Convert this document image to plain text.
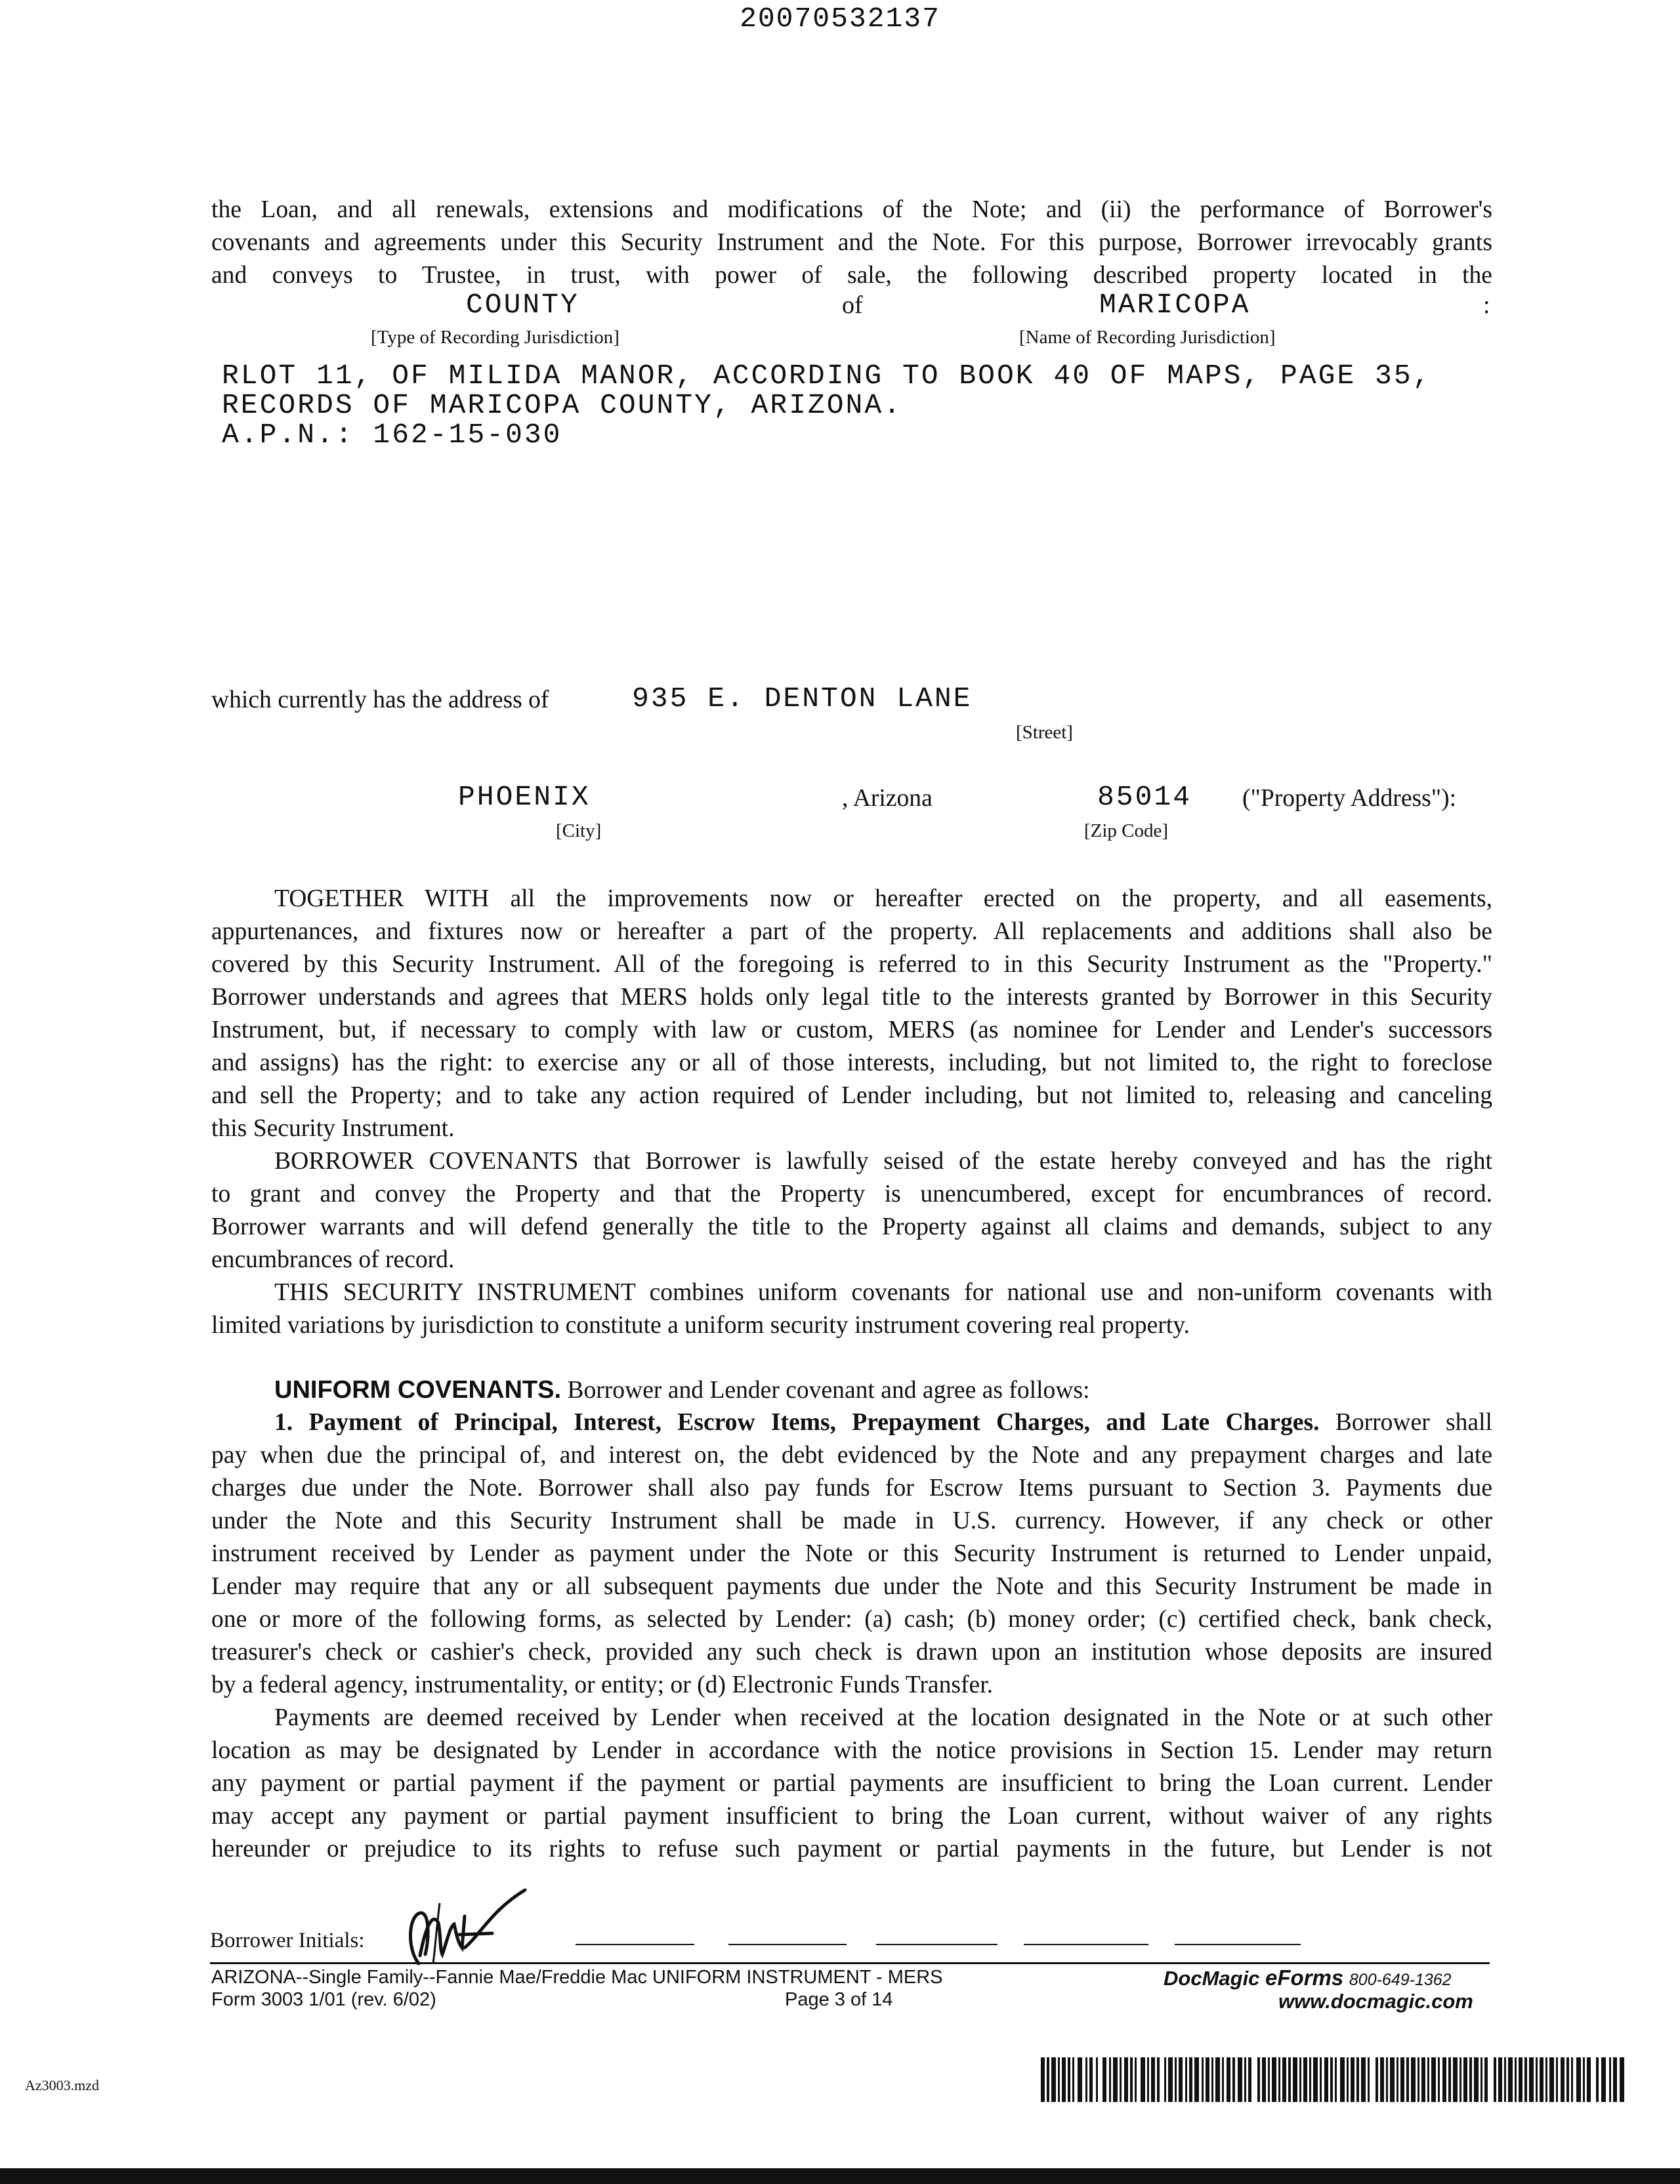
20070532137
the Loan, and all renewals, extensions and modifications of the Note; and (ii) the performance of Borrower's
covenants and agreements under this Security Instrument and the Note. For this purpose, Borrower irrevocably grants
and conveys to Trustee, in trust, with power of sale, the following described property located in the
COUNTY	of	MARICOPA	:
[Type of Recording Jurisdiction]	[Name of Recording Jurisdiction]
RLOT 11, OF MILIDA MANOR, ACCORDING TO BOOK 40 OF MAPS, PAGE 35,
RECORDS OF MARICOPA COUNTY, ARIZONA.
A.P.N.: 162-15-030
which currently has the address of	935 E. DENTON LANE
[Street]
PHOENIX
[City]
, Arizona	85014
[Zip Code]
("Property Address"):
TOGETHER WITH all the improvements now or hereafter erected on the property, and all easements,
appurtenances, and fixtures now or hereafter a part of the property. All replacements and additions shall also be
covered by this Security Instrument. All of the foregoing is referred to in this Security Instrument as the "Property."
Borrower understands and agrees that MERS holds only legal title to the interests granted by Borrower in this Security
Instrument, but, if necessary to comply with law or custom, MERS (as nominee for Lender and Lender's successors
and assigns) has the right: to exercise any or all of those interests, including, but not limited to, the right to foreclose
and sell the Property; and to take any action required of Lender including, but not limited to, releasing and canceling
this Security Instrument.
BORROWER COVENANTS that Borrower is lawfully seised of the estate hereby conveyed and has the right
to grant and convey the Property and that the Property is unencumbered, except for encumbrances of record.
Borrower warrants and will defend generally the title to the Property against all claims and demands, subject to any
encumbrances of record.
THIS SECURITY INSTRUMENT combines uniform covenants for national use and non-uniform covenants with
limited variations by jurisdiction to constitute a uniform security instrument covering real property.
UNIFORM COVENANTS. Borrower and Lender covenant and agree as follows:
1. Payment of Principal, Interest, Escrow Items, Prepayment Charges, and Late Charges. Borrower shall
pay when due the principal of, and interest on, the debt evidenced by the Note and any prepayment charges and late
charges due under the Note. Borrower shall also pay funds for Escrow Items pursuant to Section 3. Payments due
under the Note and this Security Instrument shall be made in U.S. currency. However, if any check or other
instrument received by Lender as payment under the Note or this Security Instrument is returned to Lender unpaid,
Lender may require that any or all subsequent payments due under the Note and this Security Instrument be made in
one or more of the following forms, as selected by Lender: (a) cash; (b) money order; (c) certified check, bank check,
treasurer's check or cashier's check, provided any such check is drawn upon an institution whose deposits are insured
by a federal agency, instrumentality, or entity; or (d) Electronic Funds Transfer.
Payments are deemed received by Lender when received at the location designated in the Note or at such other
location as may be designated by Lender in accordance with the notice provisions in Section 15. Lender may return
any payment or partial payment if the payment or partial payments are insufficient to bring the Loan current. Lender
may accept any payment or partial payment insufficient to bring the Loan current, without waiver of any rights
hereunder or prejudice to its rights to refuse such payment or partial payments in the future, but Lender is not
Borrower Initials:
ARIZONA--Single Family--Fannie Mae/Freddie Mac UNIFORM INSTRUMENT - MERS
Form 3003 1/01 (rev. 6/02)	Page 3 of 14
DocMagic eForms 800-649-1362
www.docmagic.com
Az3003.mzd
